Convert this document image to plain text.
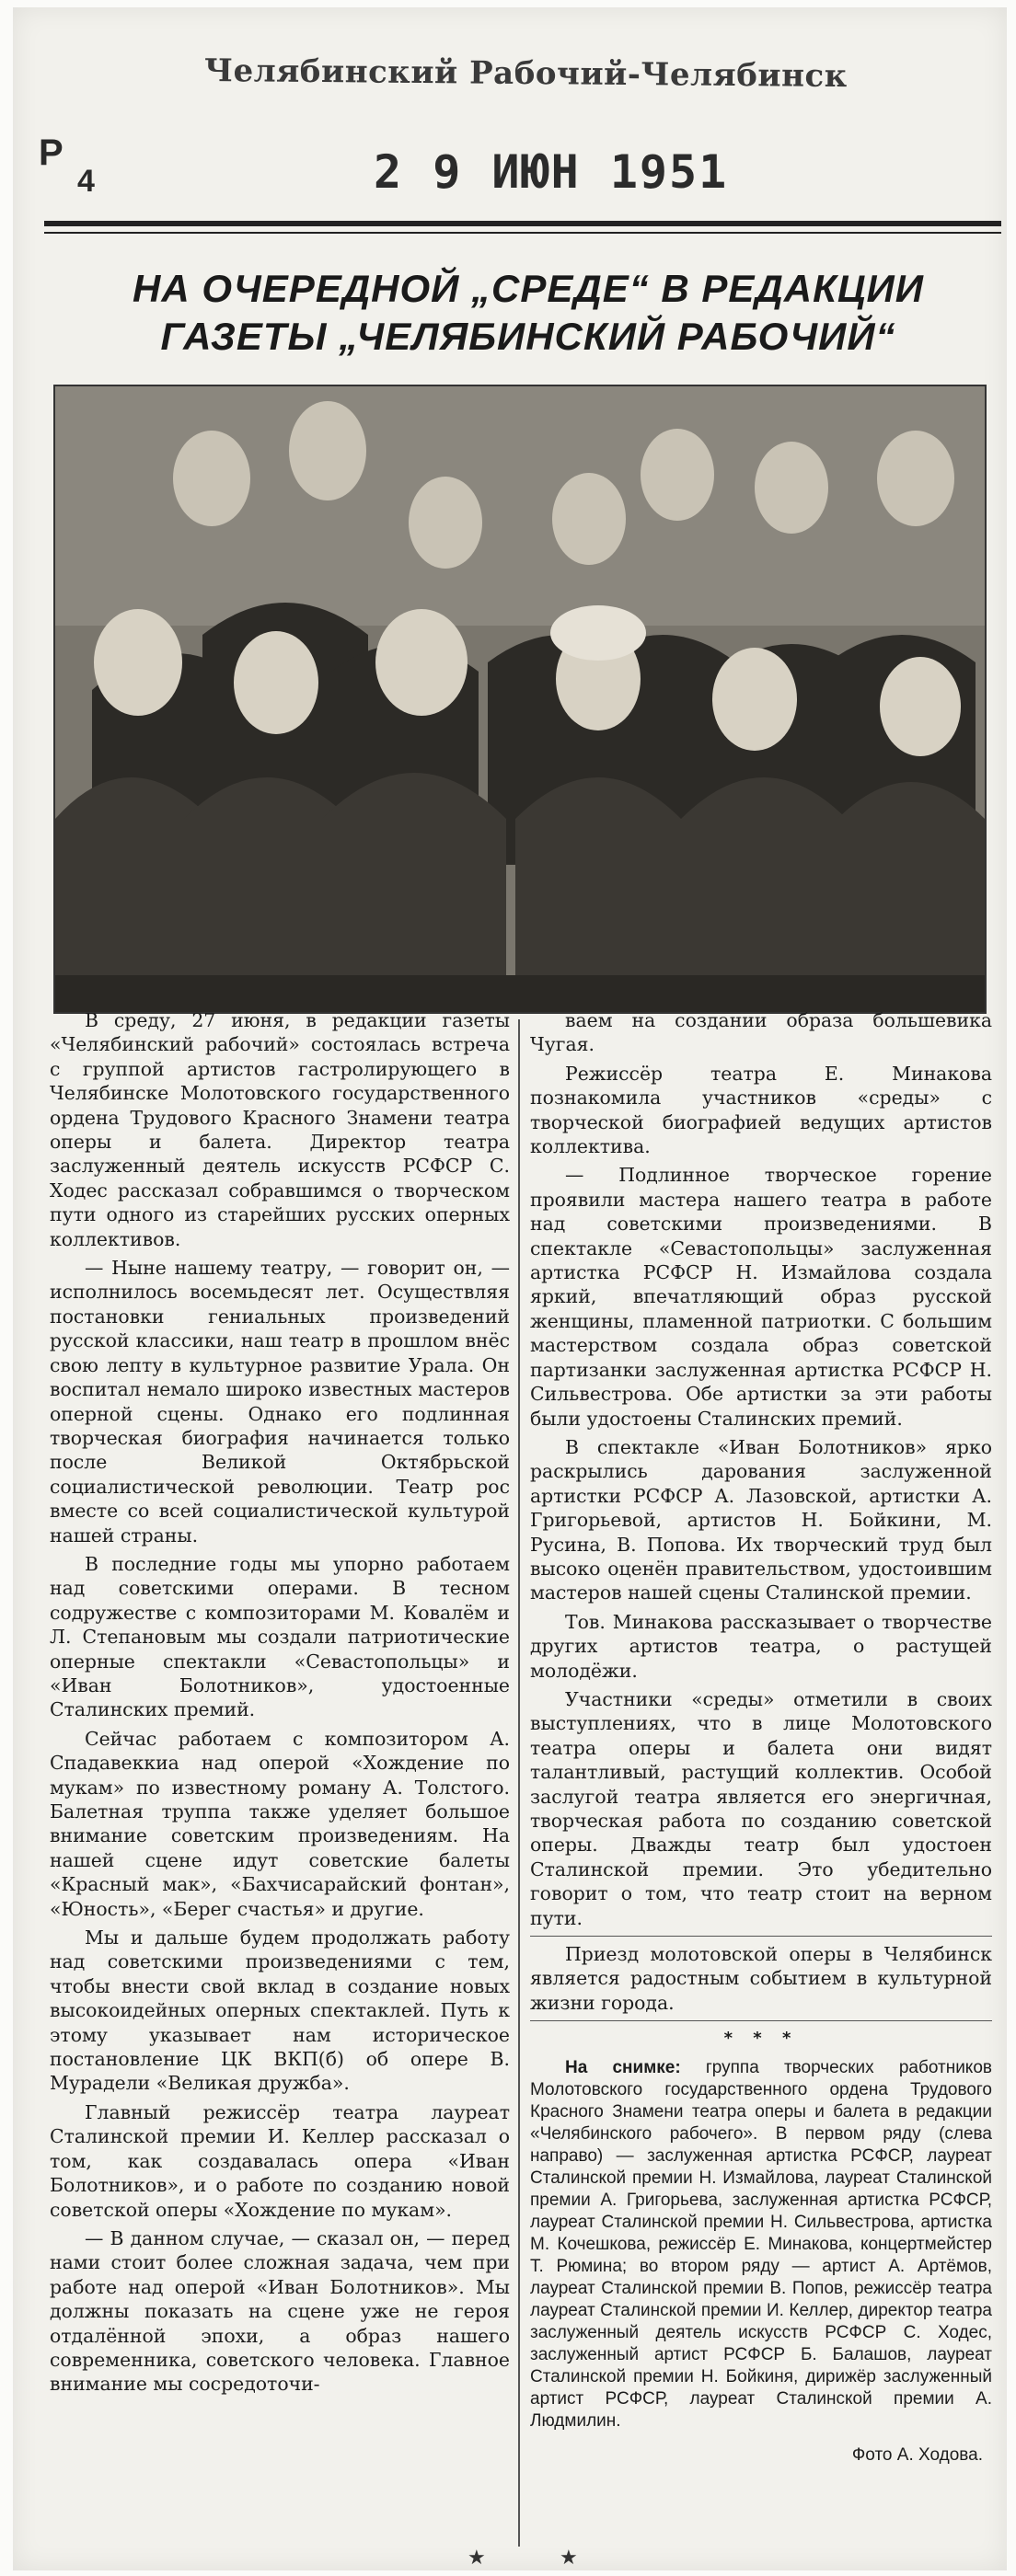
Р
Челябинский Рабочий-Челябинск
4	2 9 ИЮН 1951
НА ОЧЕРЕДНОЙ „СРЕДЕ“ В РЕДАКЦИИ
ГАЗЕТЫ „ЧЕЛЯБИНСКИЙ РАБОЧИЙ“

В среду, 27 июня, в редакции газеты «Челябинский рабочий» состоялась встреча с группой артистов гастролирующего в Челябинске Молотовского государственного ордена Трудового Красного Знамени театра оперы и балета. Директор театра заслуженный деятель искусств РСФСР С. Ходес рассказал собравшимся о творческом пути одного из старейших русских оперных коллективов.

— Ныне нашему театру, — говорит он, — исполнилось восемьдесят лет. Осуществляя постановки гениальных произведений русской классики, наш театр в прошлом внёс свою лепту в культурное развитие Урала. Он воспитал немало широко известных мастеров оперной сцены. Однако его подлинная творческая биография начинается только после Великой Октябрьской социалистической революции. Театр рос вместе со всей социалистической культурой нашей страны.

В последние годы мы упорно работаем над советскими операми. В тесном содружестве с композиторами М. Ковалём и Л. Степановым мы создали патриотические оперные спектакли «Севастопольцы» и «Иван Болотников», удостоенные Сталинских премий.

Сейчас работаем с композитором А. Спадавеккиа над оперой «Хождение по мукам» по известному роману А. Толстого. Балетная труппа также уделяет большое внимание советским произведениям. На нашей сцене идут советские балеты «Красный мак», «Бахчисарайский фонтан», «Юность», «Берег счастья» и другие.

Мы и дальше будем продолжать работу над советскими произведениями с тем, чтобы внести свой вклад в создание новых высокоидейных оперных спектаклей. Путь к этому указывает нам историческое постановление ЦК ВКП(б) об опере В. Мурадели «Великая дружба».

Главный режиссёр театра лауреат Сталинской премии И. Келлер рассказал о том, как создавалась опера «Иван Болотников», и о работе по созданию новой советской оперы «Хождение по мукам».

— В данном случае, — сказал он, — перед нами стоит более сложная задача, чем при работе над оперой «Иван Болотников». Мы должны показать на сцене уже не героя отдалённой эпохи, а образ нашего современника, советского человека. Главное внимание мы сосредоточи-

ваем на создании образа большевика Чугая.

Режиссёр театра Е. Минакова познакомила участников «среды» с творческой биографией ведущих артистов коллектива.

— Подлинное творческое горение проявили мастера нашего театра в работе над советскими произведениями. В спектакле «Севастопольцы» заслуженная артистка РСФСР Н. Измайлова создала яркий, впечатляющий образ русской женщины, пламенной патриотки. С большим мастерством создала образ советской партизанки заслуженная артистка РСФСР Н. Сильвестрова. Обе артистки за эти работы были удостоены Сталинских премий.

В спектакле «Иван Болотников» ярко раскрылись дарования заслуженной артистки РСФСР А. Лазовской, артистки А. Григорьевой, артистов Н. Бойкини, М. Русина, В. Попова. Их творческий труд был высоко оценён правительством, удостоившим мастеров нашей сцены Сталинской премии.

Тов. Минакова рассказывает о творчестве других артистов театра, о растущей молодёжи.

Участники «среды» отметили в своих выступлениях, что в лице Молотовского театра оперы и балета они видят талантливый, растущий коллектив. Особой заслугой театра является его энергичная, творческая работа по созданию советской оперы. Дважды театр был удостоен Сталинской премии. Это убедительно говорит о том, что театр стоит на верном пути.

Приезд молотовской оперы в Челябинск является радостным событием в культурной жизни города.

* * *

На снимке: группа творческих работников Молотовского государственного ордена Трудового Красного Знамени театра оперы и балета в редакции «Челябинского рабочего». В первом ряду (слева направо) — заслуженная артистка РСФСР, лауреат Сталинской премии Н. Измайлова, лауреат Сталинской премии А. Григорьева, заслуженная артистка РСФСР, лауреат Сталинской премии Н. Сильвестрова, артистка М. Кочешкова, режиссёр Е. Минакова, концертмейстер Т. Рюмина; во втором ряду — артист А. Артёмов, лауреат Сталинской премии В. Попов, режиссёр театра лауреат Сталинской премии И. Келлер, директор театра заслуженный деятель искусств РСФСР С. Ходес, заслуженный артист РСФСР Б. Балашов, лауреат Сталинской премии Н. Бойкиня, дирижёр заслуженный артист РСФСР, лауреат Сталинской премии А. Людмилин.

Фото А. Ходова.
★	★
